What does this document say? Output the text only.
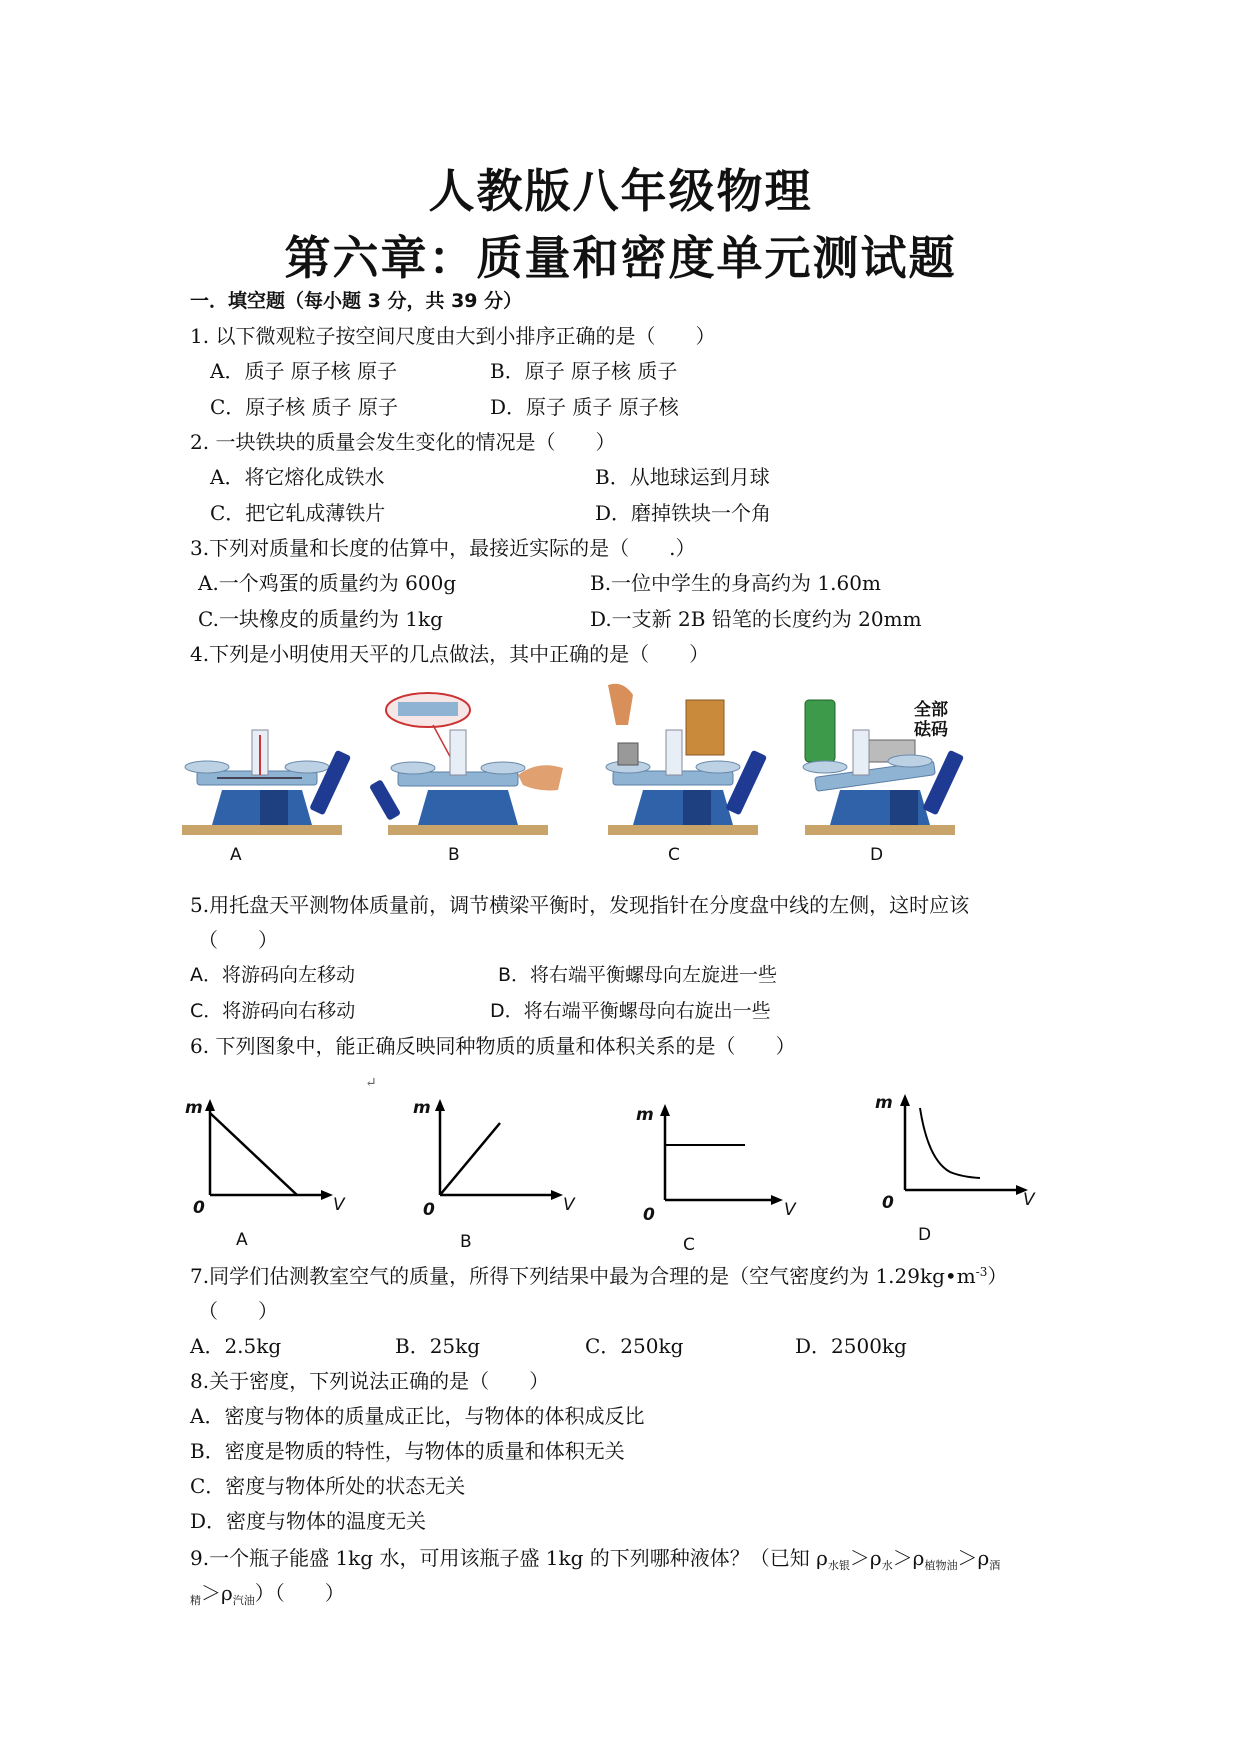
人教版八年级物理
第六章：质量和密度单元测试题
一．填空题（每小题 3 分，共 39 分）
1. 以下微观粒子按空间尺度由大到小排序正确的是（　　）
A．质子 原子核 原子	B．原子 原子核 质子
C．原子核 质子 原子	D．原子 质子 原子核
2. 一块铁块的质量会发生变化的情况是（　　）
A．将它熔化成铁水	B．从地球运到月球
C．把它轧成薄铁片	D．磨掉铁块一个角
3.下列对质量和长度的估算中，最接近实际的是（　　.）
A.一个鸡蛋的质量约为 600g	B.一位中学生的身高约为 1.60m
C.一块橡皮的质量约为 1kg	D.一支新 2B 铅笔的长度约为 20mm
4.下列是小明使用天平的几点做法，其中正确的是（　　）
全部
砝码
A	B	C	D
5.用托盘天平测物体质量前，调节横梁平衡时，发现指针在分度盘中线的左侧，这时应该
（　　）
A．将游码向左移动	B．将右端平衡螺母向左旋进一些
C．将游码向右移动	D．将右端平衡螺母向右旋出一些
6. 下列图象中，能正确反映同种物质的质量和体积关系的是（　　）
↵
m
V
0
A
m
V
0
B
m
V
0
C
m
V
0
D
7.同学们估测教室空气的质量，所得下列结果中最为合理的是（空气密度约为 $1.29kg•m^{-3}$）
（　　）
A．2.5kg	B．25kg	C．250kg	D．2500kg
8.关于密度，下列说法正确的是（　　）
A．密度与物体的质量成正比，与物体的体积成反比
B．密度是物质的特性，与物体的质量和体积无关
C．密度与物体所处的状态无关
D．密度与物体的温度无关
9.一个瓶子能盛 1kg 水，可用该瓶子盛 1kg 的下列哪种液体？（已知 $\rho_{水银}>\rho_水>\rho_{植物油}>\rho_酒$
$_精>\rho_{汽油}$）（　　）
